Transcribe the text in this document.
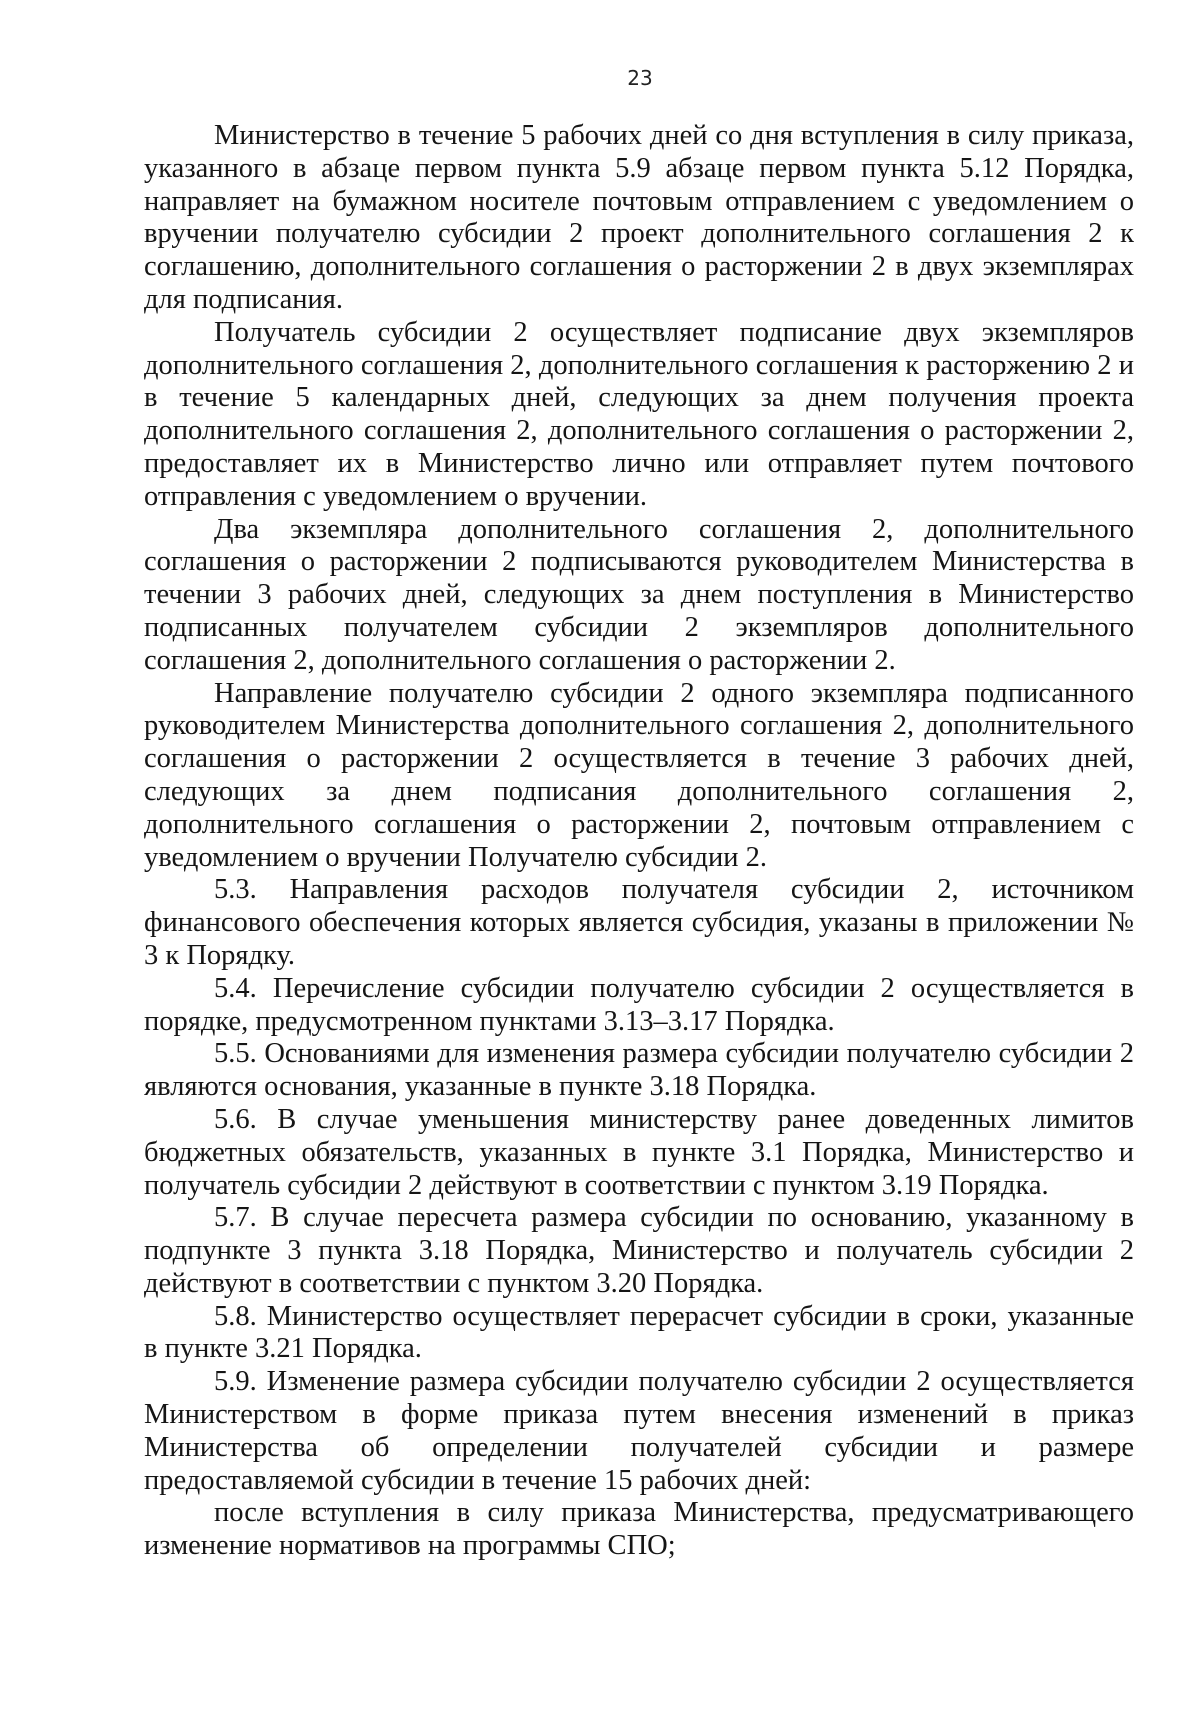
23

Министерство в течение 5 рабочих дней со дня вступления в силу приказа, указанного в абзаце первом пункта 5.9 абзаце первом пункта 5.12 Порядка, направляет на бумажном носителе почтовым отправлением с уведомлением о вручении получателю субсидии 2 проект дополнительного соглашения 2 к соглашению, дополнительного соглашения о расторжении 2 в двух экземплярах для подписания.

Получатель субсидии 2 осуществляет подписание двух экземпляров дополнительного соглашения 2, дополнительного соглашения к расторжению 2 и в течение 5 календарных дней, следующих за днем получения проекта дополнительного соглашения 2, дополнительного соглашения о расторжении 2, предоставляет их в Министерство лично или отправляет путем почтового отправления с уведомлением о вручении.

Два экземпляра дополнительного соглашения 2, дополнительного соглашения о расторжении 2 подписываются руководителем Министерства в течении 3 рабочих дней, следующих за днем поступления в Министерство подписанных получателем субсидии 2 экземпляров дополнительного соглашения 2, дополнительного соглашения о расторжении 2.

Направление получателю субсидии 2 одного экземпляра подписанного руководителем Министерства дополнительного соглашения 2, дополнительного соглашения о расторжении 2 осуществляется в течение 3 рабочих дней, следующих за днем подписания дополнительного соглашения 2, дополнительного соглашения о расторжении 2, почтовым отправлением с уведомлением о вручении Получателю субсидии 2.

5.3. Направления расходов получателя субсидии 2, источником финансового обеспечения которых является субсидия, указаны в приложении № 3 к Порядку.

5.4. Перечисление субсидии получателю субсидии 2 осуществляется в порядке, предусмотренном пунктами 3.13–3.17 Порядка.

5.5. Основаниями для изменения размера субсидии получателю субсидии 2 являются основания, указанные в пункте 3.18 Порядка.

5.6. В случае уменьшения министерству ранее доведенных лимитов бюджетных обязательств, указанных в пункте 3.1 Порядка, Министерство и получатель субсидии 2 действуют в соответствии с пунктом 3.19 Порядка.

5.7. В случае пересчета размера субсидии по основанию, указанному в подпункте 3 пункта 3.18 Порядка, Министерство и получатель субсидии 2 действуют в соответствии с пунктом 3.20 Порядка.

5.8. Министерство осуществляет перерасчет субсидии в сроки, указанные в пункте 3.21 Порядка.

5.9. Изменение размера субсидии получателю субсидии 2 осуществляется Министерством в форме приказа путем внесения изменений в приказ Министерства об определении получателей субсидии и размере предоставляемой субсидии в течение 15 рабочих дней:

после вступления в силу приказа Министерства, предусматривающего изменение нормативов на программы СПО;
